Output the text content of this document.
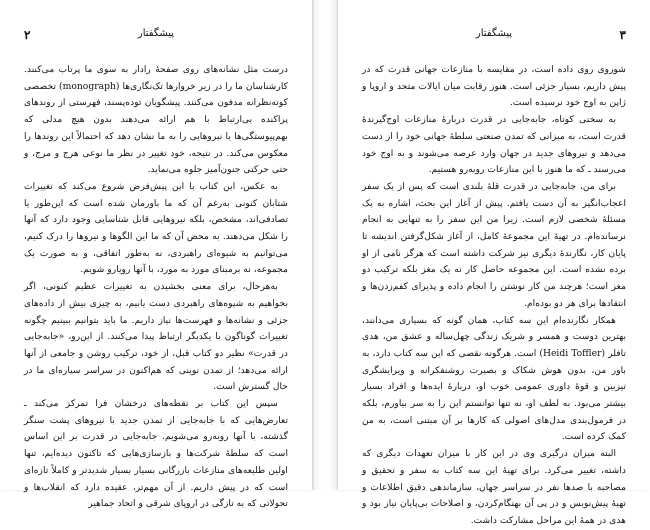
۲	پیشگفتار

درست مثل نشانه‌های روی صفحهٔ رادار به سوی ما پرتاب می‌کنند. کارشناسان ما را در زیر خروارها تک‌نگاری‌ها (monograph) تخصصی کوته‌نظرانه مدفون می‌کنند. پیشگویان توده‌پسند، فهرستی از روندهای پراکنده بی‌ارتباط با هم ارائه می‌دهند بدون هیچ مدلی که بهم‌پیوستگی‌ها یا نیروهایی را به ما نشان دهد که احتمالاً این روندها را معکوس می‌کند. در نتیجه، خود تغییر در نظر ما نوعی هرج و مرج، و حتی حرکتی جنون‌آمیز جلوه می‌نماید.

به عکس، این کتاب با این پیش‌فرض شروع می‌کند که تغییرات شتابان کنونی به‌رغم آن که ما باورمان شده است که این‌طور یا تصادفی‌اند، مشخص، بلکه نیروهایی قابل شناسایی وجود دارد که آنها را شکل می‌دهند. به محض آن که ما این الگوها و نیروها را درک کنیم، می‌توانیم به شیوه‌ای راهبردی، نه به‌طور اتفاقی، و به صورت یک مجموعه، نه برمبنای مورد به مورد، با آنها رویارو شویم.

به‌هرحال، برای معنی بخشیدن به تغییرات عظیم کنونی، اگر بخواهیم به شیوه‌های راهبردی دست یابیم، به چیزی بیش از داده‌های جزئی و نشانه‌ها و فهرست‌ها نیاز داریم. ما باید بتوانیم ببینیم چگونه تغییرات گوناگون با یکدیگر ارتباط پیدا می‌کنند. از این‌رو، «جابه‌جایی در قدرت» نظیر دو کتاب قبل، از خود، ترکیب روشن و جامعی از آنها ارائه می‌دهد؛ از تمدن نوینی که هم‌اکنون در سراسر سیاره‌ای ما در حال گسترش است.

سپس این کتاب بر نقطه‌های درخشان فرا تمرکز می‌کند ـ تعارض‌هایی که با جابه‌جایی از تمدن جدید با نیروهای پشت سنگر گذشته، با آنها روبه‌رو می‌شویم. جابه‌جایی در قدرت بر این اساس است که سلطهٔ شرکت‌ها و بازسازی‌هایی که تاکنون دیده‌ایم، تنها اولین طلیعه‌های منازعات بازرگانی بسیار بسیار شدیدتر و کاملاً تازه‌ای است که در پیش داریم. از آن مهم‌تر، عقیده دارد که انقلاب‌ها و تحولاتی که به تازگی در اروپای شرقی و اتحاد جماهیر

۳
پیشگفتار

شوروی روی داده است، در مقایسه با منازعات جهانی قدرت که در پیش داریم، بسیار جزئی است. هنوز رقابت میان ایالات متحد و اروپا و ژاپن به اوج خود نرسیده است.

به سخنی کوتاه، جابه‌جایی در قدرت دربارهٔ منازعات اوج‌گیرندهٔ قدرت است، به میزانی که تمدن صنعتی سلطهٔ جهانی خود را از دست می‌دهد و نیروهای جدید در جهان وارد عرصه می‌شوند و به اوج خود می‌رسند ـ که ما هنوز با این منازعات روبه‌رو هستیم.

برای من، جابه‌جایی در قدرت قلهٔ بلندی است که پس از یک سفر اعجاب‌انگیز به آن دست یافتم. پیش از آغاز این بحث، اشاره به یک مسئلهٔ شخصی لازم است. زیرا من این سفر را به تنهایی به انجام نرسانده‌ام. در تهیهٔ این مجموعهٔ کامل، از آغاز شکل‌گرفتن اندیشه تا پایان کار، نگارندهٔ دیگری نیز شرکت داشته است که هرگز نامی از او برده نشده است. این مجموعه حاصل کار نه یک مغز بلکه ترکیب دو مغز است؛ هرچند من کار نوشتن را انجام داده و پذیرای کفم‌زدن‌ها و انتقادها برای هر دو بوده‌ام.

همکار نگارنده‌ام این سه کتاب، همان گونه که بسیاری می‌دانند، بهترین دوست و همسر و شریک زندگی چهل‌ساله و عشق من، هدی تافلر (Heidi Toffler) است. هرگونه نقصی که این سه کتاب دارد، به باور من، بدون هوش شکاک و بصیرت روشنفکرانه و ویرایشگری تیزبین و قوهٔ داوری عمومی خوب او، دربارهٔ ایده‌ها و افراد بسیار بیشتر می‌بود. به لطف او، نه تنها توانستم این را به سر بیاورم، بلکه در فرمول‌بندی مدل‌های اصولی که کارها بر آن مبتنی است، به من کمک کرده است.

البته میزان درگیری وی در این کار با میزان تعهدات دیگری که داشته، تغییر می‌کرد. برای تهیهٔ این سه کتاب به سفر و تحقیق و مصاحبه با صدها نفر در سراسر جهان، سازماندهی دقیق اطلاعات و تهیهٔ پیش‌نویس و در پی آن بهنگام‌کردن، و اصلاحات بی‌پایان نیاز بود و هدی در همهٔ این مراحل مشارکت داشت.
